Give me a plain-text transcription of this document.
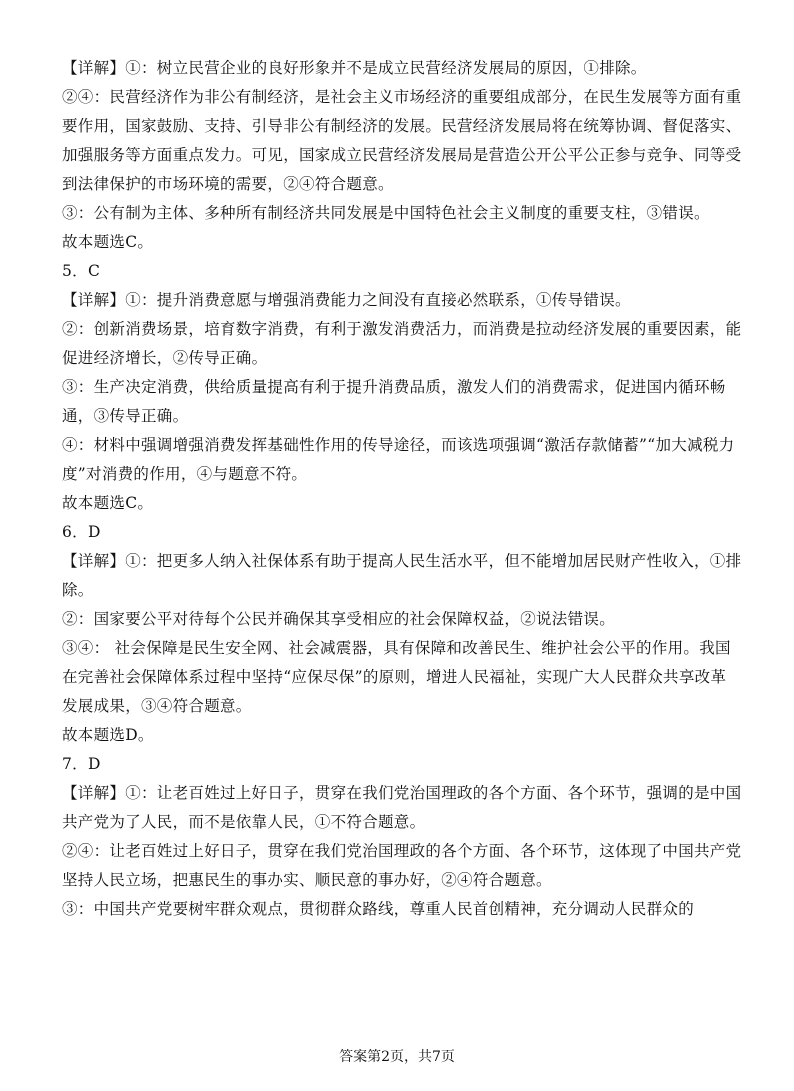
【详解】①：树立民营企业的良好形象并不是成立民营经济发展局的原因，①排除。

②④：民营经济作为非公有制经济，是社会主义市场经济的重要组成部分，在民生发展等方面有重要作用，国家鼓励、支持、引导非公有制经济的发展。民营经济发展局将在统筹协调、督促落实、加强服务等方面重点发力。可见，国家成立民营经济发展局是营造公开公平公正参与竞争、同等受到法律保护的市场环境的需要，②④符合题意。

③：公有制为主体、多种所有制经济共同发展是中国特色社会主义制度的重要支柱，③错误。

故本题选C。

5．C

【详解】①：提升消费意愿与增强消费能力之间没有直接必然联系，①传导错误。

②：创新消费场景，培育数字消费，有利于激发消费活力，而消费是拉动经济发展的重要因素，能促进经济增长，②传导正确。

③：生产决定消费，供给质量提高有利于提升消费品质，激发人们的消费需求，促进国内循环畅通，③传导正确。

④：材料中强调增强消费发挥基础性作用的传导途径，而该选项强调“激活存款储蓄”“加大减税力度”对消费的作用，④与题意不符。

故本题选C。

6．D

【详解】①：把更多人纳入社保体系有助于提高人民生活水平，但不能增加居民财产性收入，①排除。

②：国家要公平对待每个公民并确保其享受相应的社会保障权益，②说法错误。

③④： 社会保障是民生安全网、社会减震器，具有保障和改善民生、维护社会公平的作用。我国在完善社会保障体系过程中坚持“应保尽保”的原则，增进人民福祉，实现广大人民群众共享改革发展成果，③④符合题意。

故本题选D。

7．D

【详解】①：让老百姓过上好日子，贯穿在我们党治国理政的各个方面、各个环节，强调的是中国共产党为了人民，而不是依靠人民，①不符合题意。

②④：让老百姓过上好日子，贯穿在我们党治国理政的各个方面、各个环节，这体现了中国共产党坚持人民立场，把惠民生的事办实、顺民意的事办好，②④符合题意。

③：中国共产党要树牢群众观点，贯彻群众路线，尊重人民首创精神，充分调动人民群众的

答案第2页，共7页
